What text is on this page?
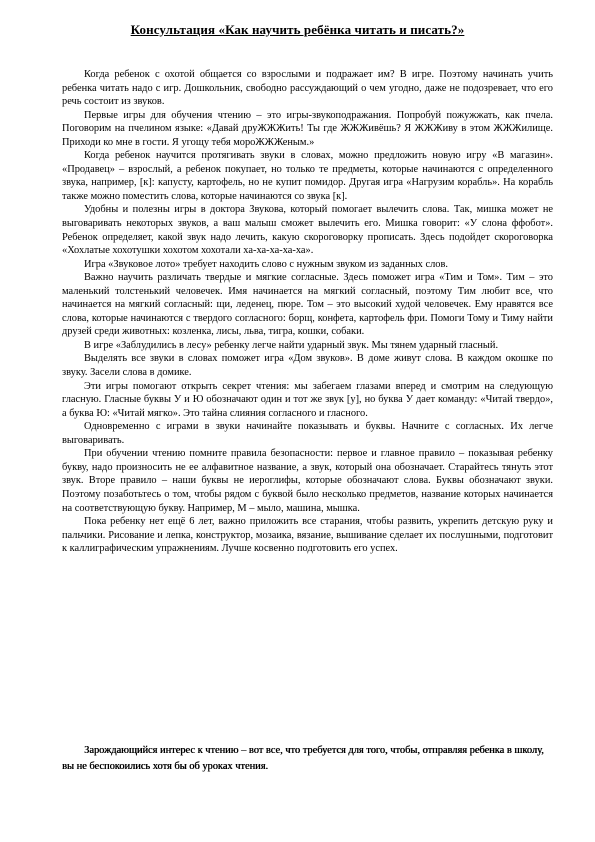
Консультация «Как научить ребёнка читать и писать?»

Когда ребенок с охотой общается со взрослыми и подражает им? В игре. Поэтому начинать учить ребенка читать надо с игр. Дошкольник, свободно рассуждающий о чем угодно, даже не подозревает, что его речь состоит из звуков.

Первые игры для обучения чтению – это игры-звукоподражания. Попробуй пожужжать, как пчела. Поговорим на пчелином языке: «Давай друЖЖЖить! Ты где ЖЖЖивёшь? Я ЖЖЖиву в этом ЖЖЖилище. Приходи ко мне в гости. Я угощу тебя мороЖЖЖеным.»

Когда ребенок научится протягивать звуки в словах, можно предложить новую игру «В магазин». «Продавец» – взрослый, а ребенок покупает, но только те предметы, которые начинаются с определенного звука, например, [к]: капусту, картофель, но не купит помидор. Другая игра «Нагрузим корабль». На корабль также можно поместить слова, которые начинаются со звука [к].

Удобны и полезны игры в доктора Звукова, который помогает вылечить слова. Так, мишка может не выговаривать некоторых звуков, а ваш малыш сможет вылечить его. Мишка говорит: «У слона ффобот». Ребенок определяет, какой звук надо лечить, какую скороговорку прописать. Здесь подойдет скороговорка «Хохлатые хохотушки хохотом хохотали ха-ха-ха-ха-ха».

Игра «Звуковое лото» требует находить слово с нужным звуком из заданных слов.

Важно научить различать твердые и мягкие согласные. Здесь поможет игра «Тим и Том». Тим – это маленький толстенький человечек. Имя начинается на мягкий согласный, поэтому Тим любит все, что начинается на мягкий согласный: щи, леденец, пюре. Том – это высокий худой человечек. Ему нравятся все слова, которые начинаются с твердого согласного: борщ, конфета, картофель фри. Помоги Тому и Тиму найти друзей среди животных: козленка, лисы, льва, тигра, кошки, собаки.

В игре «Заблудились в лесу» ребенку легче найти ударный звук. Мы тянем ударный гласный.

Выделять все звуки в словах поможет игра «Дом звуков». В доме живут слова. В каждом окошке по звуку. Засели слова в домике.

Эти игры помогают открыть секрет чтения: мы забегаем глазами вперед и смотрим на следующую гласную. Гласные буквы У и Ю обозначают один и тот же звук [у], но буква У дает команду: «Читай твердо», а буква Ю: «Читай мягко». Это тайна слияния согласного и гласного.

Одновременно с играми в звуки начинайте показывать и буквы. Начните с согласных. Их легче выговаривать.

При обучении чтению помните правила безопасности: первое и главное правило – показывая ребенку букву, надо произносить не ее алфавитное название, а звук, который она обозначает. Старайтесь тянуть этот звук. Вторе правило – наши буквы не иероглифы, которые обозначают слова. Буквы обозначают звуки. Поэтому позаботьтесь о том, чтобы рядом с буквой было несколько предметов, название которых начинается на соответствующую букву. Например, М – мыло, машина, мышка.

Пока ребенку нет ещё 6 лет, важно приложить все старания, чтобы развить, укрепить детскую руку и пальчики. Рисование и лепка, конструктор, мозаика, вязание, вышивание сделает их послушными, подготовит к каллиграфическим упражнениям. Лучше косвенно подготовить его успех.

Зарождающийся интерес к чтению – вот все, что требуется для того, чтобы, отправляя ребенка в школу, вы не беспокоились хотя бы об уроках чтения.
